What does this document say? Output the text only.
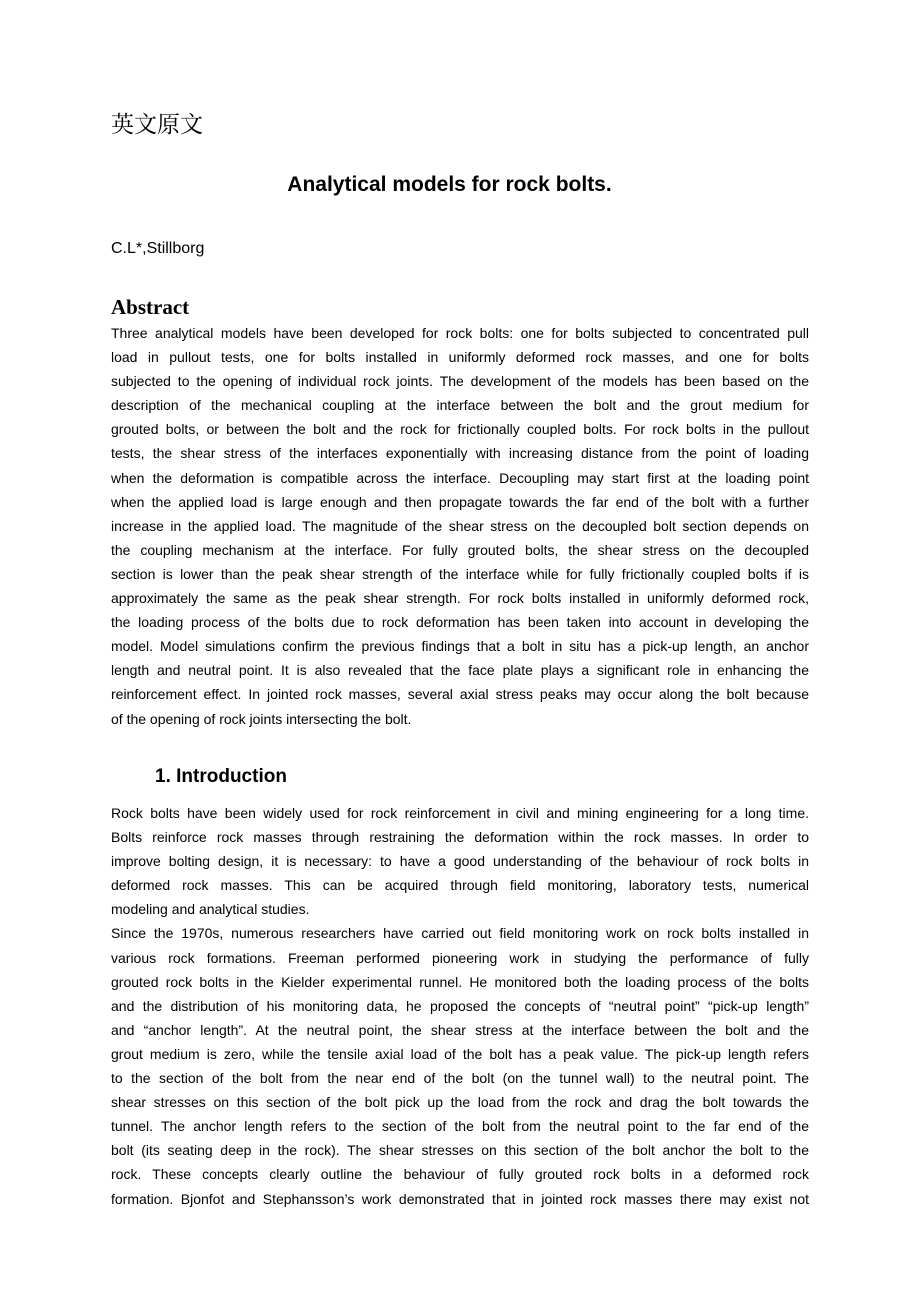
英文原文
Analytical models for rock bolts.
C.L*,Stillborg
Abstract
Three analytical models have been developed for rock bolts: one for bolts subjected to concentrated pull
load in pullout tests, one for bolts installed in uniformly deformed rock masses, and one for bolts
subjected to the opening of individual rock joints. The development of the models has been based on the
description of the mechanical coupling at the interface between the bolt and the grout medium for
grouted bolts, or between the bolt and the rock for frictionally coupled bolts. For rock bolts in the pullout
tests, the shear stress of the interfaces exponentially with increasing distance from the point of loading
when the deformation is compatible across the interface. Decoupling may start first at the loading point
when the applied load is large enough and then propagate towards the far end of the bolt with a further
increase in the applied load. The magnitude of the shear stress on the decoupled bolt section depends on
the coupling mechanism at the interface. For fully grouted bolts, the shear stress on the decoupled
section is lower than the peak shear strength of the interface while for fully frictionally coupled bolts if is
approximately the same as the peak shear strength. For rock bolts installed in uniformly deformed rock,
the loading process of the bolts due to rock deformation has been taken into account in developing the
model. Model simulations confirm the previous findings that a bolt in situ has a pick-up length, an anchor
length and neutral point. It is also revealed that the face plate plays a significant role in enhancing the
reinforcement effect. In jointed rock masses, several axial stress peaks may occur along the bolt because
of the opening of rock joints intersecting the bolt.
1. Introduction
Rock bolts have been widely used for rock reinforcement in civil and mining engineering for a long time.
Bolts reinforce rock masses through restraining the deformation within the rock masses. In order to
improve bolting design, it is necessary: to have a good understanding of the behaviour of rock bolts in
deformed rock masses. This can be acquired through field monitoring, laboratory tests, numerical
modeling and analytical studies.
Since the 1970s, numerous researchers have carried out field monitoring work on rock bolts installed in
various rock formations. Freeman performed pioneering work in studying the performance of fully
grouted rock bolts in the Kielder experimental runnel. He monitored both the loading process of the bolts
and the distribution of his monitoring data, he proposed the concepts of “neutral point” “pick-up length”
and “anchor length”. At the neutral point, the shear stress at the interface between the bolt and the
grout medium is zero, while the tensile axial load of the bolt has a peak value. The pick-up length refers
to the section of the bolt from the near end of the bolt (on the tunnel wall) to the neutral point. The
shear stresses on this section of the bolt pick up the load from the rock and drag the bolt towards the
tunnel. The anchor length refers to the section of the bolt from the neutral point to the far end of the
bolt (its seating deep in the rock). The shear stresses on this section of the bolt anchor the bolt to the
rock. These concepts clearly outline the behaviour of fully grouted rock bolts in a deformed rock
formation. Bjonfot and Stephansson’s work demonstrated that in jointed rock masses there may exist not
